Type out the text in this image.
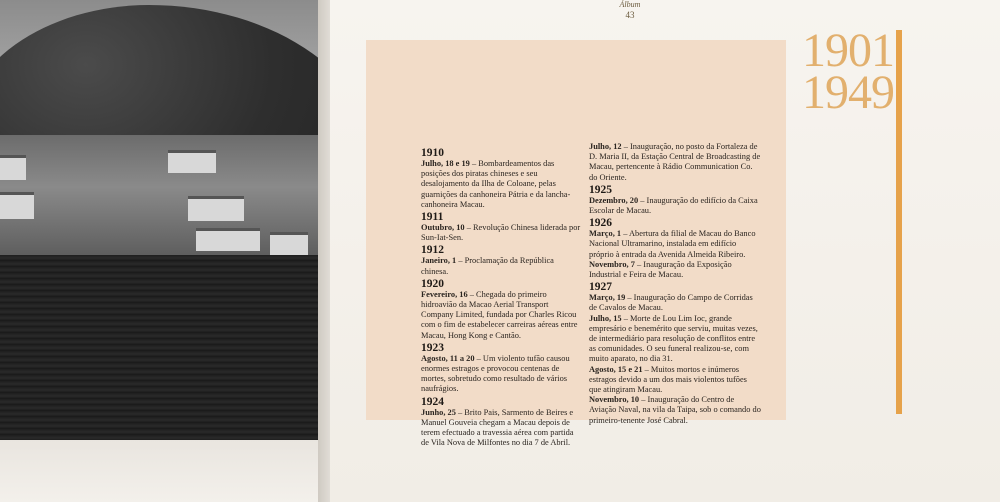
Álbum
43
1901
1949
1910

Julho, 18 e 19 – Bombardeamentos das posições dos piratas chineses e seu desalojamento da Ilha de Coloane, pelas guarnições da canhoneira Pátria e da lancha-canhoneira Macau.

1911

Outubro, 10 – Revolução Chinesa liderada por Sun-Iat-Sen.

1912

Janeiro, 1 – Proclamação da República chinesa.

1920

Fevereiro, 16 – Chegada do primeiro hidroavião da Macao Aerial Transport Company Limited, fundada por Charles Ricou com o fim de estabelecer carreiras aéreas entre Macau, Hong Kong e Cantão.

1923

Agosto, 11 a 20 – Um violento tufão causou enormes estragos e provocou centenas de mortes, sobretudo como resultado de vários naufrágios.

1924

Junho, 25 – Brito Pais, Sarmento de Beires e Manuel Gouveia chegam a Macau depois de terem efectuado a travessia aérea com partida de Vila Nova de Milfontes no dia 7 de Abril.

Julho, 12 – Inauguração, no posto da Fortaleza de D. Maria II, da Estação Central de Broadcasting de Macau, pertencente à Rádio Communication Co. do Oriente.

1925

Dezembro, 20 – Inauguração do edifício da Caixa Escolar de Macau.

1926

Março, 1 – Abertura da filial de Macau do Banco Nacional Ultramarino, instalada em edifício próprio à entrada da Avenida Almeida Ribeiro.

Novembro, 7 – Inauguração da Exposição Industrial e Feira de Macau.

1927

Março, 19 – Inauguração do Campo de Corridas de Cavalos de Macau.

Julho, 15 – Morte de Lou Lim Ioc, grande empresário e benemérito que serviu, muitas vezes, de intermediário para resolução de conflitos entre as comunidades. O seu funeral realizou-se, com muito aparato, no dia 31.

Agosto, 15 e 21 – Muitos mortos e inúmeros estragos devido a um dos mais violentos tufões que atingiram Macau.

Novembro, 10 – Inauguração do Centro de Aviação Naval, na vila da Taipa, sob o comando do primeiro-tenente José Cabral.
